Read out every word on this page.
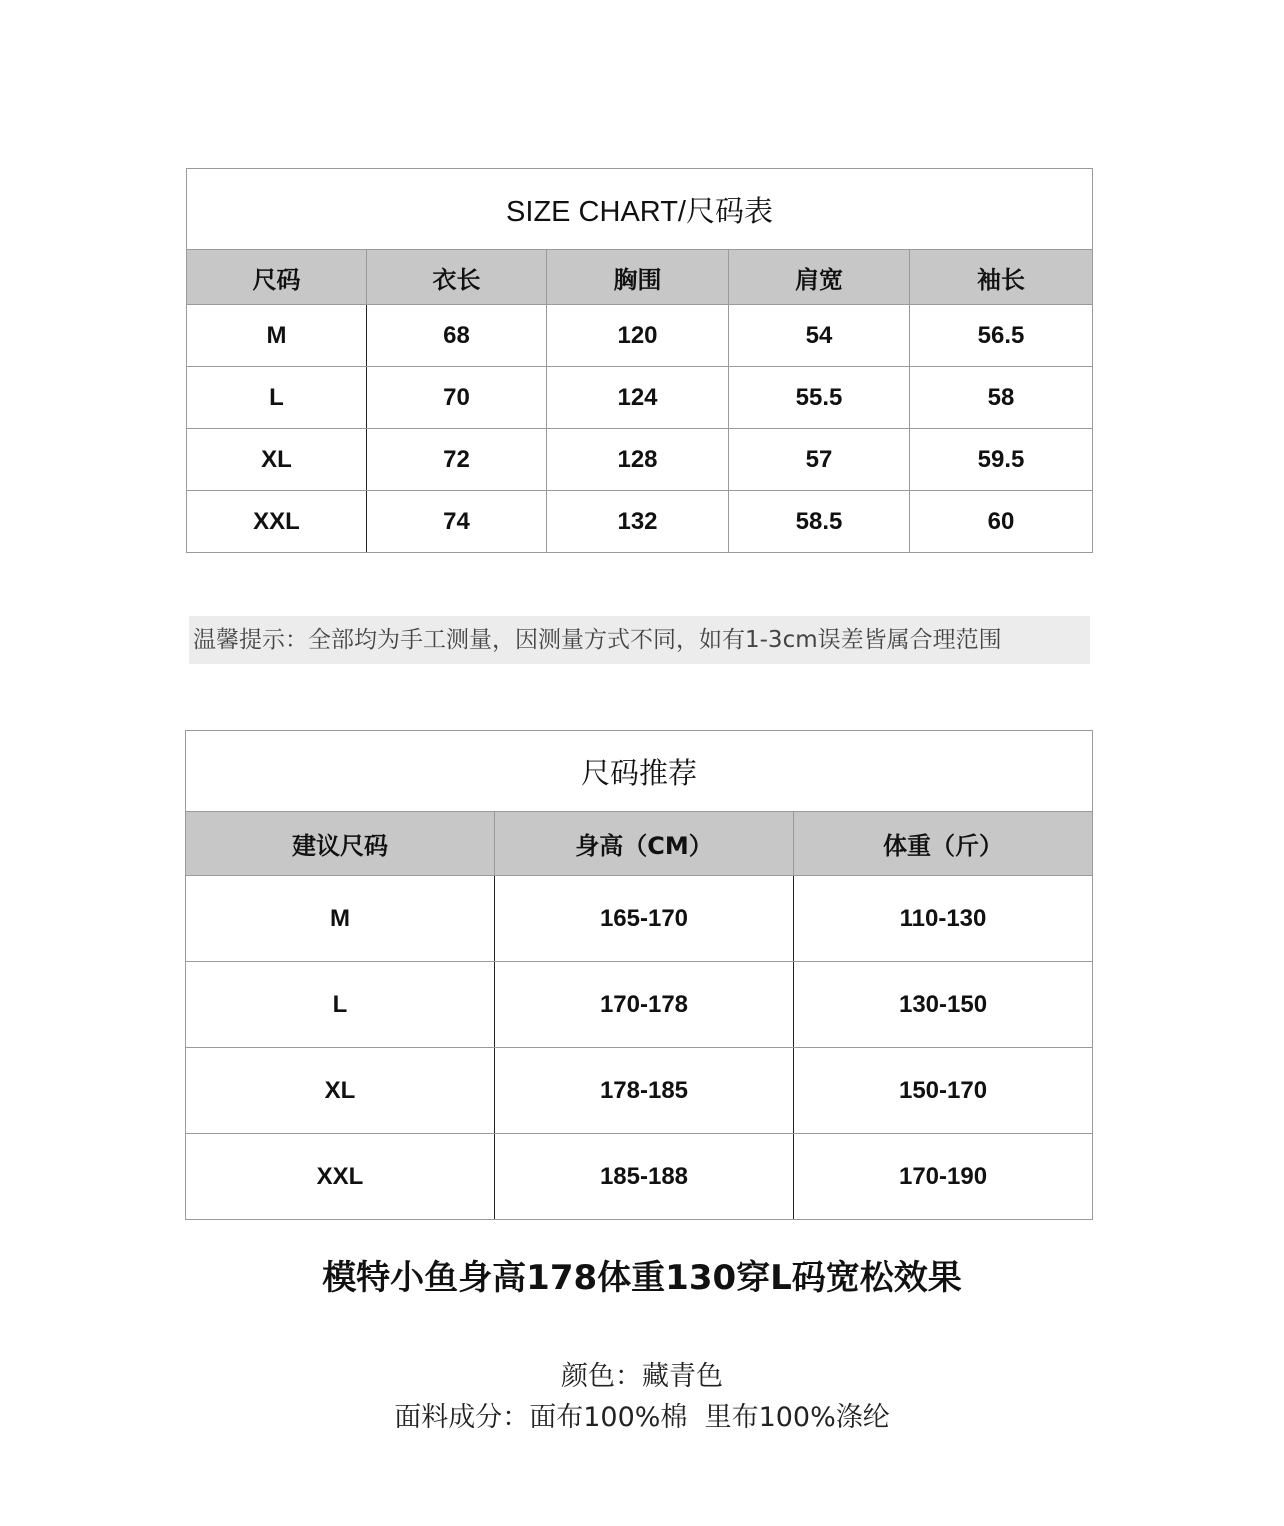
SIZE CHART/尺码表				
尺码	衣长	胸围	肩宽	袖长
M	68	120	54	56.5
L	70	124	55.5	58
XL	72	128	57	59.5
XXL	74	132	58.5	60
温馨提示：全部均为手工测量，因测量方式不同，如有1-3cm误差皆属合理范围
尺码推荐		
建议尺码	身高（CM）	体重（斤）
M	165-170	110-130
L	170-178	130-150
XL	178-185	150-170
XXL	185-188	170-190
模特小鱼身高178体重130穿L码宽松效果
颜色：藏青色
面料成分：面布100%棉  里布100%涤纶
